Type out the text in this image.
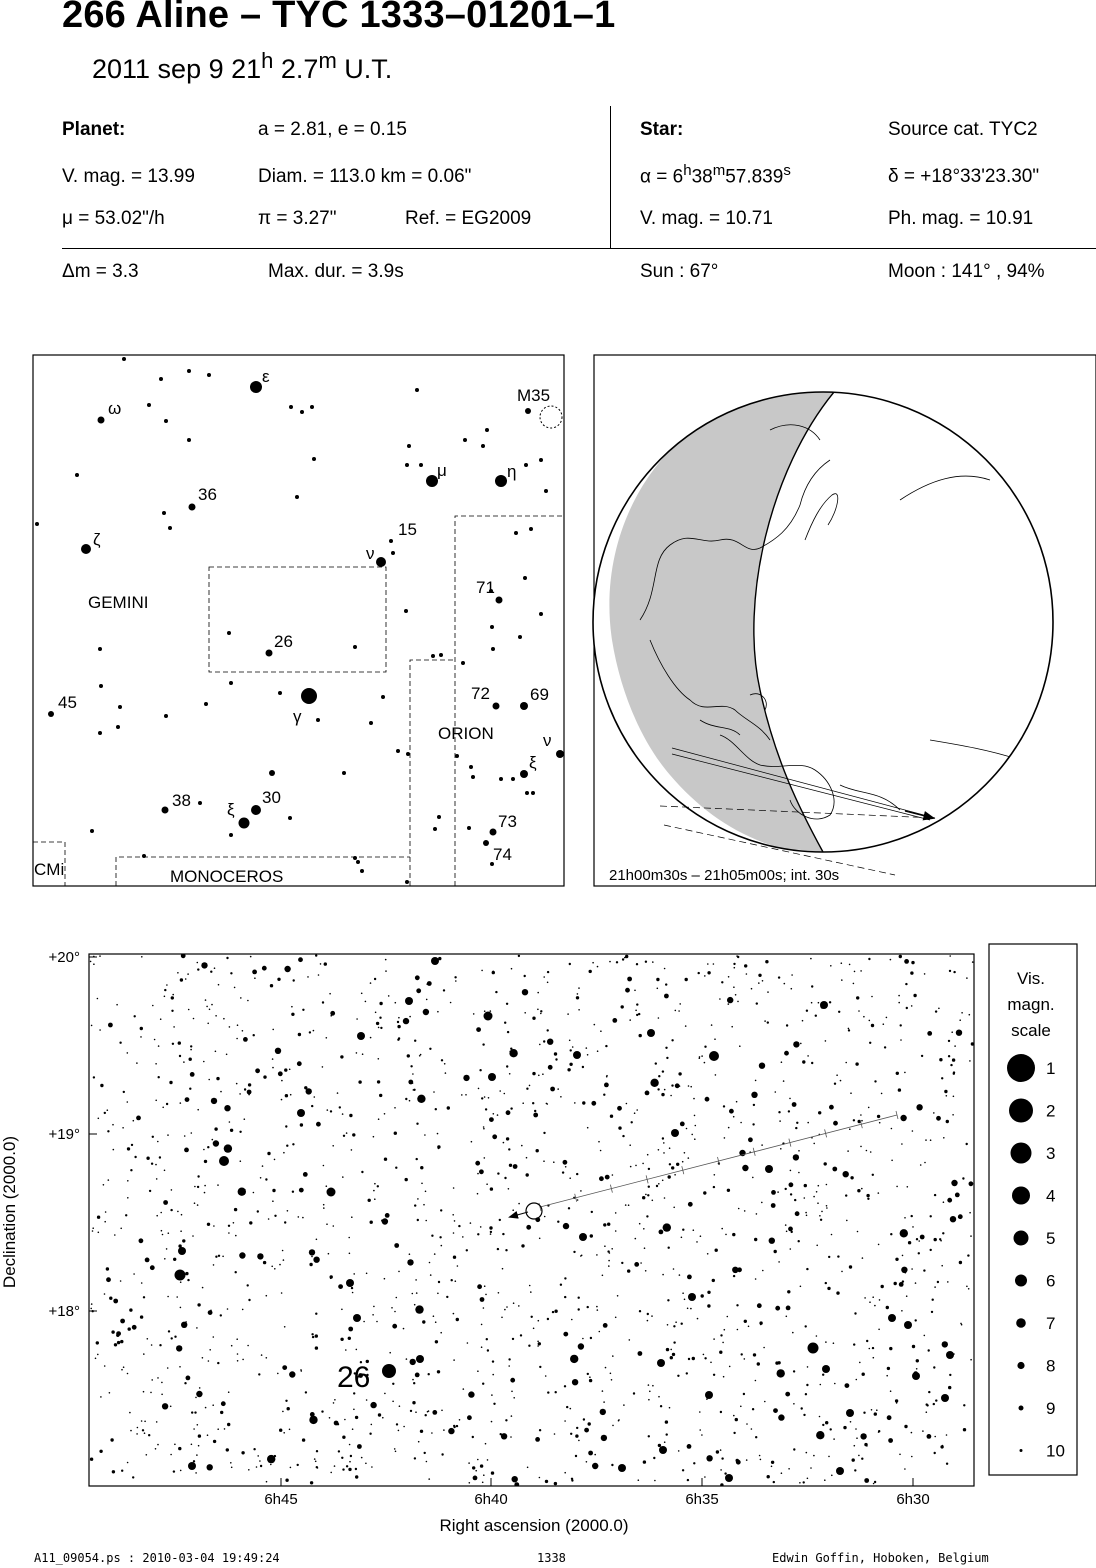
266 Aline – TYC 1333–01201–1
2011 sep 9 21$^h$ 2.7$^m$ U.T.
Planet:	a = 2.81, e = 0.15
V. mag. = 13.99	Diam. = 113.0 km = 0.06"
μ = 53.02"/h	π = 3.27"	Ref. = EG2009
Star:	Source cat. TYC2
$\alpha = 6^h38^m57.839^s$	δ = +18°33'23.30"
V. mag. = 10.71	Ph. mag. = 10.91
Δm = 3.3	Max. dur. = 3.9s	Sun : 67°	Moon : 141° , 94%
GEMINI
ORION
MONOCEROS
CMi
M35
ε
ω
μ	η
ζ
ν
γ
ξ
ν
ξ
36
15
71
26
45	72 69
38	30
73
74
21h00m30s – 21h05m00s; int. 30s
+20°
+19°
+18°
6h45	6h40	6h35	6h30
Right ascension (2000.0)
Declination (2000.0)
26
Vis.
magn.
scale
1
2
3
4
5
6
7
8
9
10
A11_09054.ps : 2010-03-04 19:49:24	1338	Edwin Goffin, Hoboken, Belgium
